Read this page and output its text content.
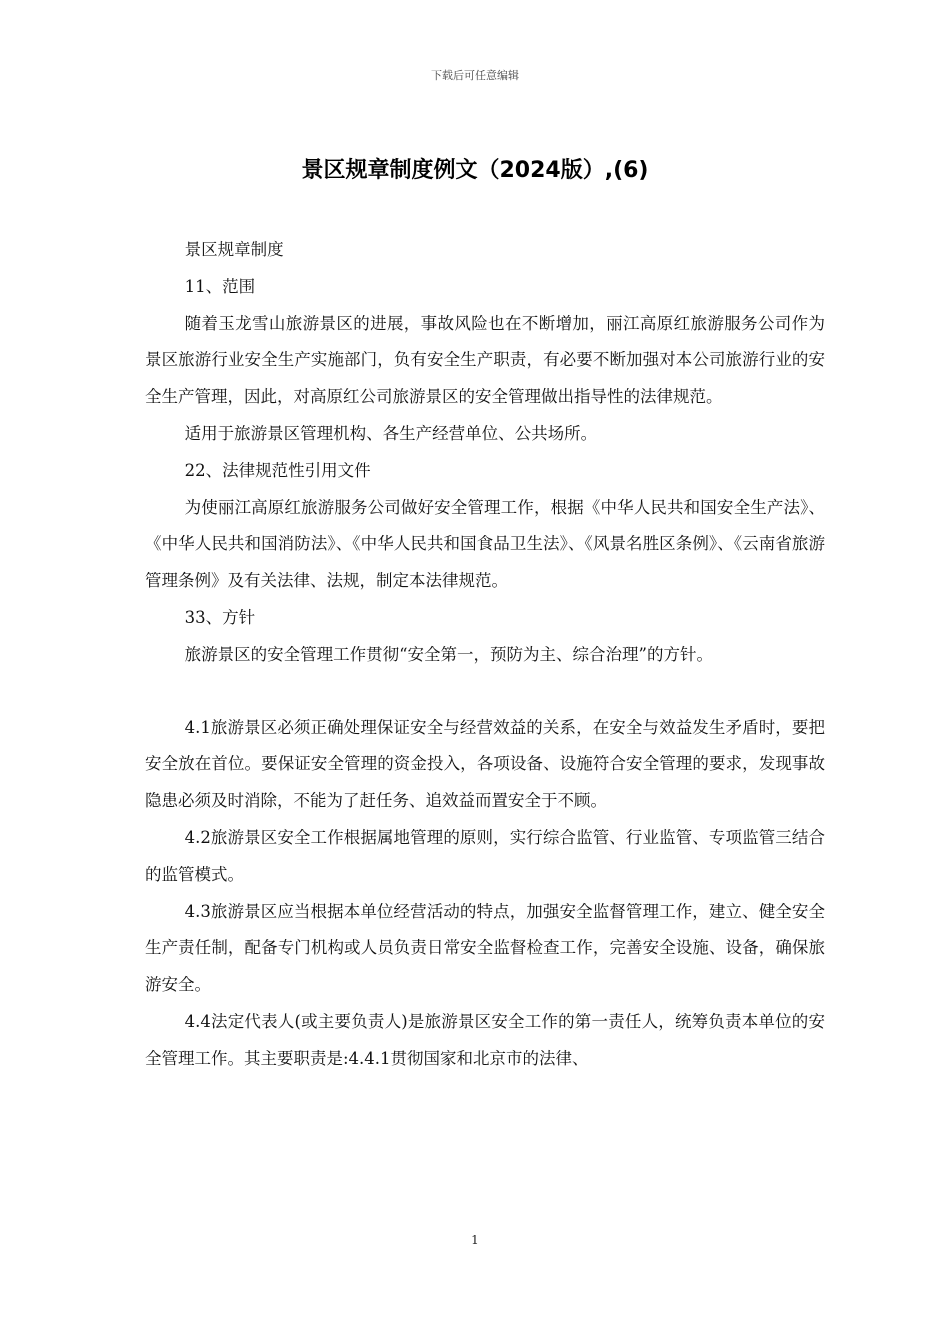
下载后可任意编辑
景区规章制度例文（2024版）,(6)

景区规章制度

11、范围

随着玉龙雪山旅游景区的进展，事故风险也在不断增加，丽江高原红旅游服务公司作为景区旅游行业安全生产实施部门，负有安全生产职责，有必要不断加强对本公司旅游行业的安全生产管理，因此，对高原红公司旅游景区的安全管理做出指导性的法律规范。

适用于旅游景区管理机构、各生产经营单位、公共场所。

22、法律规范性引用文件

为使丽江高原红旅游服务公司做好安全管理工作，根据《中华人民共和国安全生产法》、《中华人民共和国消防法》、《中华人民共和国食品卫生法》、《风景名胜区条例》、《云南省旅游管理条例》及有关法律、法规，制定本法律规范。

33、方针

旅游景区的安全管理工作贯彻“安全第一，预防为主、综合治理”的方针。

4.1旅游景区必须正确处理保证安全与经营效益的关系，在安全与效益发生矛盾时，要把安全放在首位。要保证安全管理的资金投入，各项设备、设施符合安全管理的要求，发现事故隐患必须及时消除，不能为了赶任务、追效益而置安全于不顾。

4.2旅游景区安全工作根据属地管理的原则，实行综合监管、行业监管、专项监管三结合的监管模式。

4.3旅游景区应当根据本单位经营活动的特点，加强安全监督管理工作，建立、健全安全生产责任制，配备专门机构或人员负责日常安全监督检查工作，完善安全设施、设备，确保旅游安全。

4.4法定代表人(或主要负责人)是旅游景区安全工作的第一责任人，统筹负责本单位的安全管理工作。其主要职责是:4.4.1贯彻国家和北京市的法律、

1
